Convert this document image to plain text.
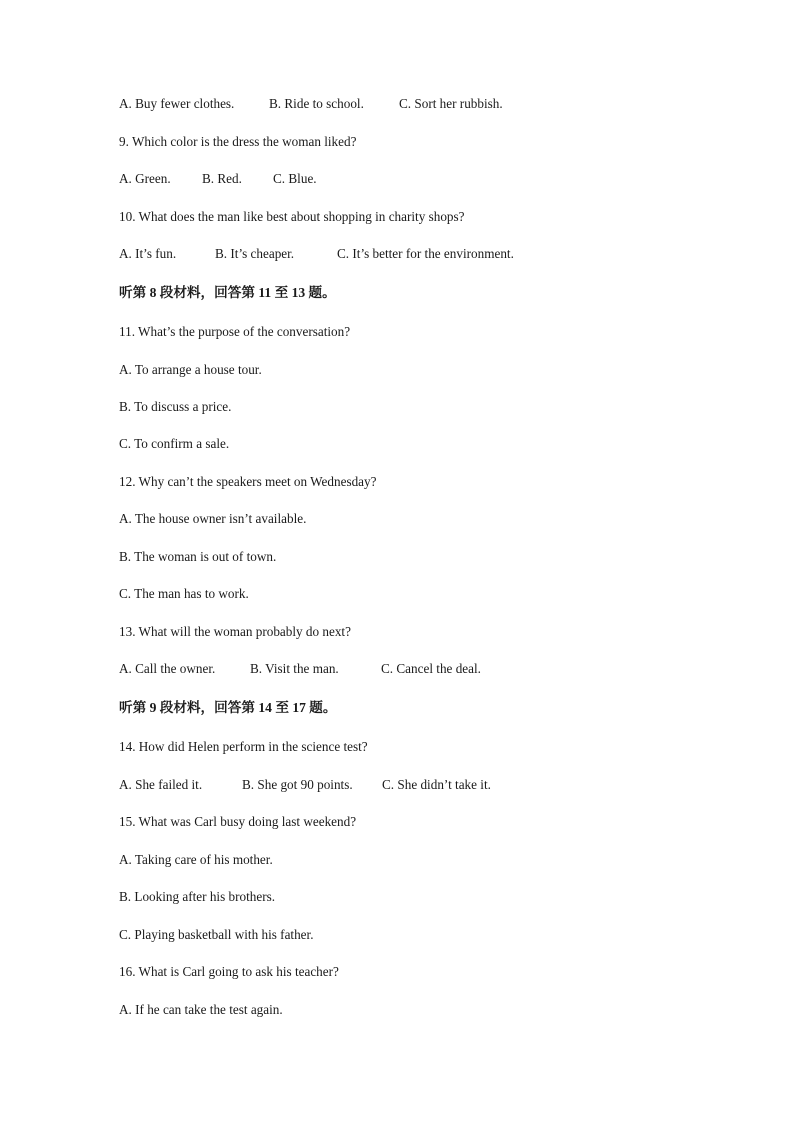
A. Buy fewer clothes.	B. Ride to school.	C. Sort her rubbish.
9. Which color is the dress the woman liked?
A. Green. B. Red. C. Blue.
10. What does the man like best about shopping in charity shops?
A. It’s fun.	B. It’s cheaper.	C. It’s better for the environment.
听第 8 段材料，回答第 11 至 13 题。
11. What’s the purpose of the conversation?
A. To arrange a house tour.
B. To discuss a price.
C. To confirm a sale.
12. Why can’t the speakers meet on Wednesday?
A. The house owner isn’t available.
B. The woman is out of town.
C. The man has to work.
13. What will the woman probably do next?
A. Call the owner.	B. Visit the man.	C. Cancel the deal.
听第 9 段材料，回答第 14 至 17 题。
14. How did Helen perform in the science test?
A. She failed it.	B. She got 90 points. C. She didn’t take it.
15. What was Carl busy doing last weekend?
A. Taking care of his mother.
B. Looking after his brothers.
C. Playing basketball with his father.
16. What is Carl going to ask his teacher?
A. If he can take the test again.
